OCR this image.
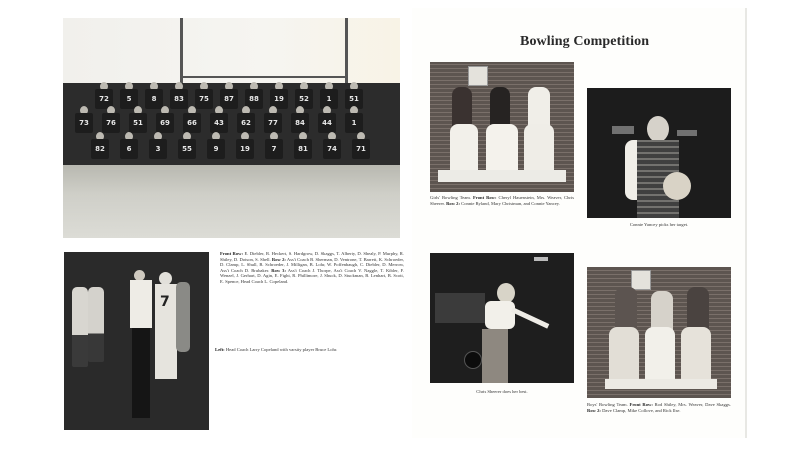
72	5	8	83	75	87	88	19	52	1	51
73	76	51	69	66	43	62	77	84	44	1
82	6	3	55	9	19	7	81	74	71
Front Row: E. Diebler, R. Heckert, S. Hardgrow, D. Skaggs, T. Alberty, D. Shealy, P. Murphy, R. Shiley, D. Dotson, S. Shell. Row 2: Ass't Coach B. Sherman, D. Ventrone, T. Barrett, K. Schroeder, D. Clamp, L. Shull, B. Schroeder, J. Milligan, B. Lohr, W. Poffenbaugh, C. Diebler, D. Merrow, Ass't Coach D. Brubaker. Row 3: Ass't Coach J. Thorpe, Ass't Coach V. Naggle, T. Kibler, F. Wenzel, J. Gerhart, D. Agin, E. Fight, R. Phillimore, J. Shuck, D. Stuckman, B. Lenhart, B. Scott, E. Spence, Head Coach L. Copeland.
7
Left: Head Coach Larry Copeland with varsity player Bruce Lohr.
Bowling Competition
Girls' Bowling Team. Front Row: Cheryl Hauenstein, Mrs. Weaver, Chris Sheerer. Row 2: Connie Ryland, Mary Christman, and Connie Yancey.
Connie Yancey picks her target.
Chris Sheerer does her best.
Boys' Bowling Team. Front Row: Rod Shiley, Mrs. Weaver, Dave Skaggs. Row 2: Dave Clamp, Mike Collove, and Rick Ilse.
